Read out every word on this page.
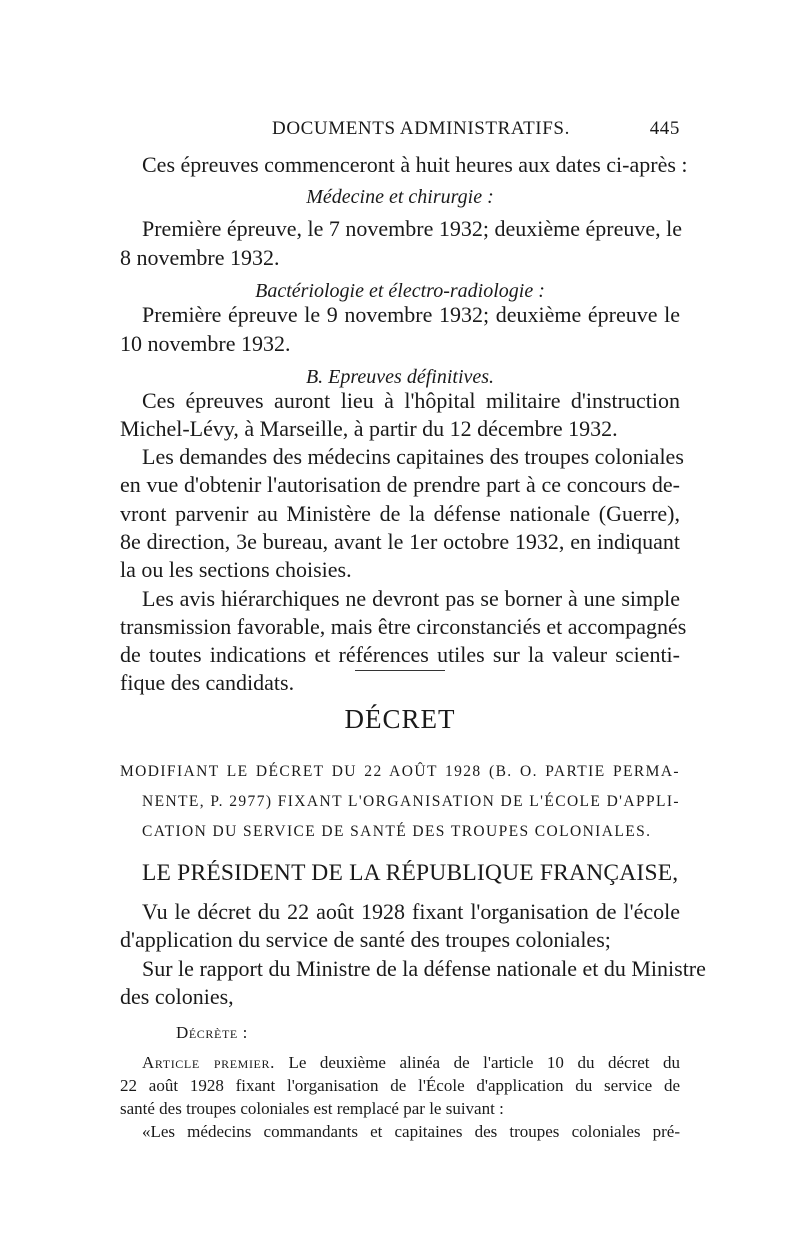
DOCUMENTS ADMINISTRATIFS.	445
Ces épreuves commenceront à huit heures aux dates ci-après :
Médecine et chirurgie :
Première épreuve, le 7 novembre 1932; deuxième épreuve, le
8 novembre 1932.
Bactériologie et électro-radiologie :
Première épreuve le 9 novembre 1932; deuxième épreuve le
10 novembre 1932.
B. Epreuves définitives.
Ces épreuves auront lieu à l'hôpital militaire d'instruction
Michel-Lévy, à Marseille, à partir du 12 décembre 1932.
Les demandes des médecins capitaines des troupes coloniales
en vue d'obtenir l'autorisation de prendre part à ce concours de-
vront parvenir au Ministère de la défense nationale (Guerre),
8e direction, 3e bureau, avant le 1er octobre 1932, en indiquant
la ou les sections choisies.
Les avis hiérarchiques ne devront pas se borner à une simple
transmission favorable, mais être circonstanciés et accompagnés
de toutes indications et références utiles sur la valeur scienti-
fique des candidats.
DÉCRET
MODIFIANT LE DÉCRET DU 22 AOÛT 1928 (B. O. PARTIE PERMA-
NENTE, P. 2977) FIXANT L'ORGANISATION DE L'ÉCOLE D'APPLI-
CATION DU SERVICE DE SANTÉ DES TROUPES COLONIALES.
LE PRÉSIDENT DE LA RÉPUBLIQUE FRANÇAISE,
Vu le décret du 22 août 1928 fixant l'organisation de l'école
d'application du service de santé des troupes coloniales;
Sur le rapport du Ministre de la défense nationale et du Ministre
des colonies,
Décrète :
Article premier. Le deuxième alinéa de l'article 10 du décret du
22 août 1928 fixant l'organisation de l'École d'application du service de
santé des troupes coloniales est remplacé par le suivant :
«Les médecins commandants et capitaines des troupes coloniales pré-
